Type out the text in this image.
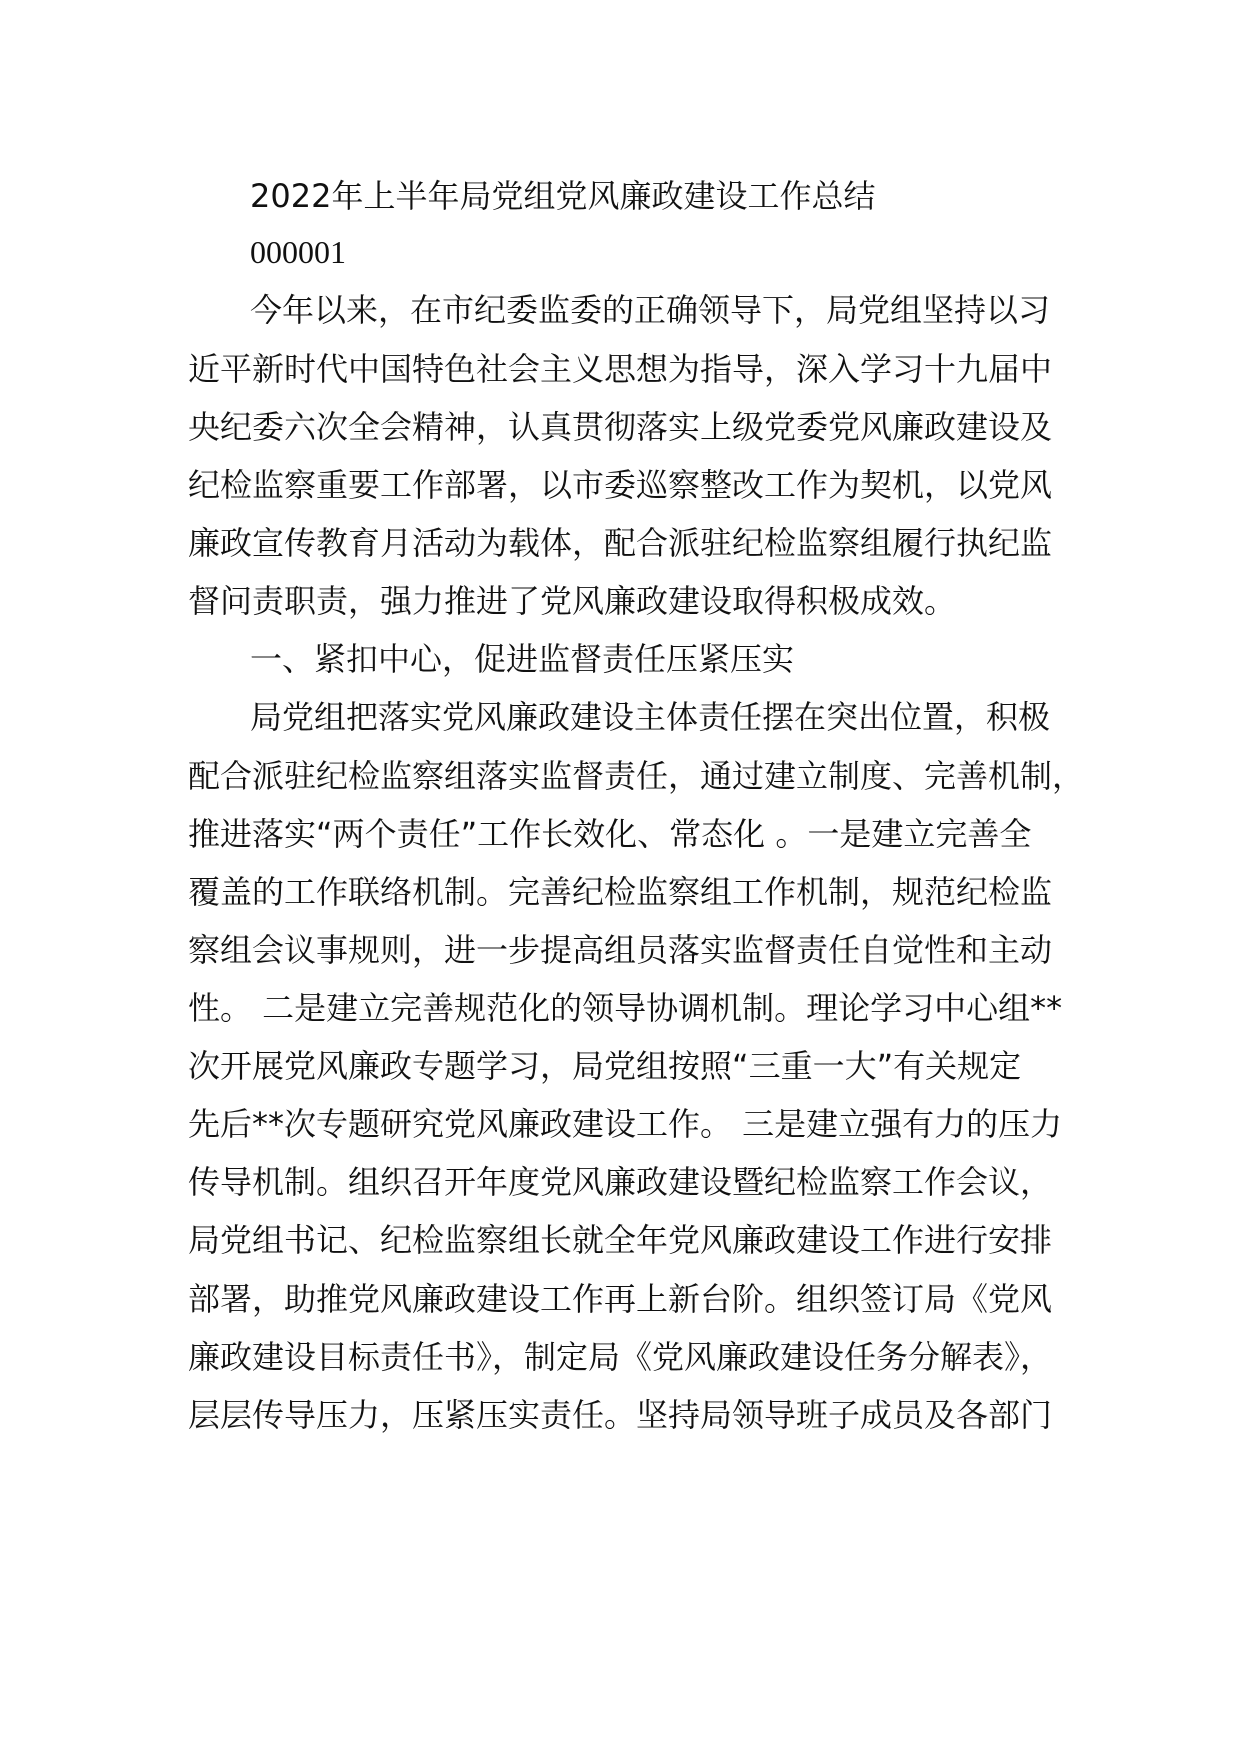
2022年上半年局党组党风廉政建设工作总结
000001
今年以来，在市纪委监委的正确领导下，局党组坚持以习
近平新时代中国特色社会主义思想为指导，深入学习十九届中
央纪委六次全会精神，认真贯彻落实上级党委党风廉政建设及
纪检监察重要工作部署，以市委巡察整改工作为契机，以党风
廉政宣传教育月活动为载体，配合派驻纪检监察组履行执纪监
督问责职责，强力推进了党风廉政建设取得积极成效。
一、紧扣中心，促进监督责任压紧压实
局党组把落实党风廉政建设主体责任摆在突出位置，积极
配合派驻纪检监察组落实监督责任，通过建立制度、完善机制，
推进落实“两个责任”工作长效化、常态化 。一是建立完善全
覆盖的工作联络机制。完善纪检监察组工作机制，规范纪检监
察组会议事规则，进一步提高组员落实监督责任自觉性和主动
性。 二是建立完善规范化的领导协调机制。理论学习中心组**
次开展党风廉政专题学习，局党组按照“三重一大”有关规定
先后**次专题研究党风廉政建设工作。 三是建立强有力的压力
传导机制。组织召开年度党风廉政建设暨纪检监察工作会议，
局党组书记、纪检监察组长就全年党风廉政建设工作进行安排
部署，助推党风廉政建设工作再上新台阶。组织签订局《党风
廉政建设目标责任书》，制定局《党风廉政建设任务分解表》，
层层传导压力，压紧压实责任。坚持局领导班子成员及各部门
